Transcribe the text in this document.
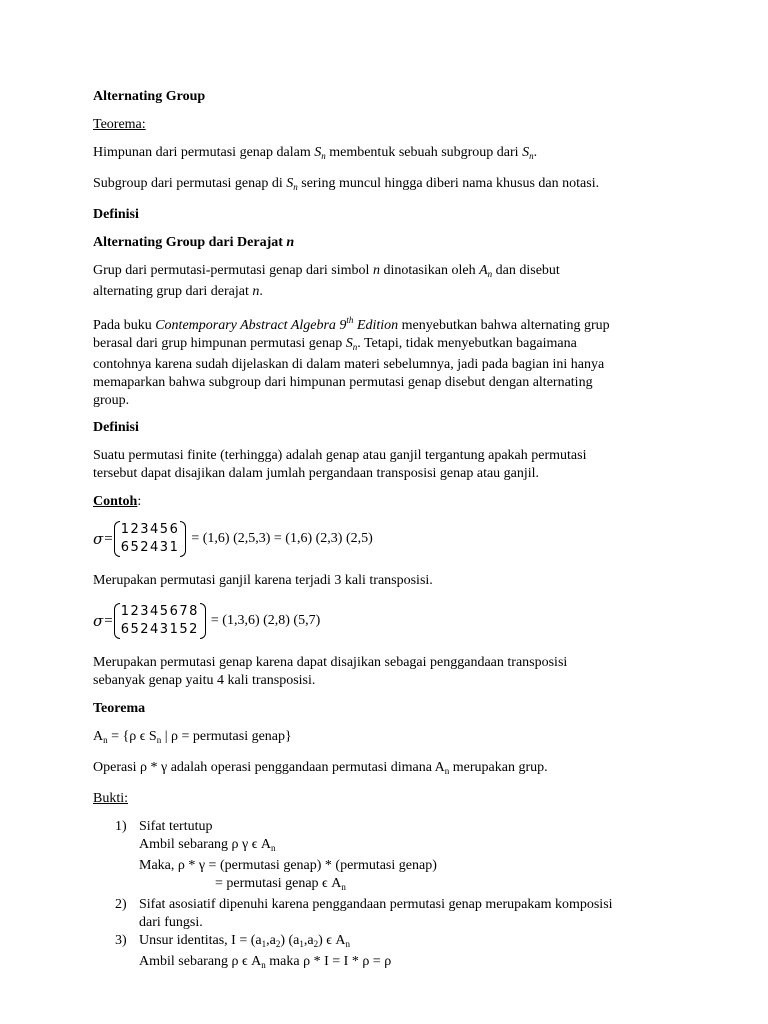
Alternating Group

Teorema:

Himpunan dari permutasi genap dalam $S_n$ membentuk sebuah subgroup dari $S_n$.

Subgroup dari permutasi genap di $S_n$ sering muncul hingga diberi nama khusus dan notasi.

Definisi

Alternating Group dari Derajat n

Grup dari permutasi-permutasi genap dari simbol n dinotasikan oleh $A_n$ dan disebut
alternating grup dari derajat n.

Pada buku Contemporary Abstract Algebra 9th Edition menyebutkan bahwa alternating grup
berasal dari grup himpunan permutasi genap $S_n$. Tetapi, tidak menyebutkan bagaimana
contohnya karena sudah dijelaskan di dalam materi sebelumnya, jadi pada bagian ini hanya
memaparkan bahwa subgroup dari himpunan permutasi genap disebut dengan alternating
group.

Definisi

Suatu permutasi finite (terhingga) adalah genap atau ganjil tergantung apakah permutasi
tersebut dapat disajikan dalam jumlah pergandaan transposisi genap atau ganjil.

Contoh:

σ =
123456
652431
= (1,6) (2,5,3) = (1,6) (2,3) (2,5)

Merupakan permutasi ganjil karena terjadi 3 kali transposisi.

σ =
12345678
65243152
= (1,3,6) (2,8) (5,7)

Merupakan permutasi genap karena dapat disajikan sebagai penggandaan transposisi
sebanyak genap yaitu 4 kali transposisi.

Teorema

$A_n = \{\rho$ ϵ $S_n$ | ρ = permutasi genap}

Operasi ρ * γ adalah operasi penggandaan permutasi dimana $A_n$ merupakan grup.

Bukti:

1) Sifat tertutup
Ambil sebarang ρ γ ϵ $A_n$
Maka, ρ * γ = (permutasi genap) * (permutasi genap)
= permutasi genap ϵ $A_n$
2) Sifat asosiatif dipenuhi karena penggandaan permutasi genap merupakam komposisi
dari fungsi.
3) Unsur identitas, $I = (a_1,a_2)$ $(a_1,a_2)$ ϵ $A_n$
Ambil sebarang ρ ϵ $A_n$ maka ρ * I = I * ρ = ρ
